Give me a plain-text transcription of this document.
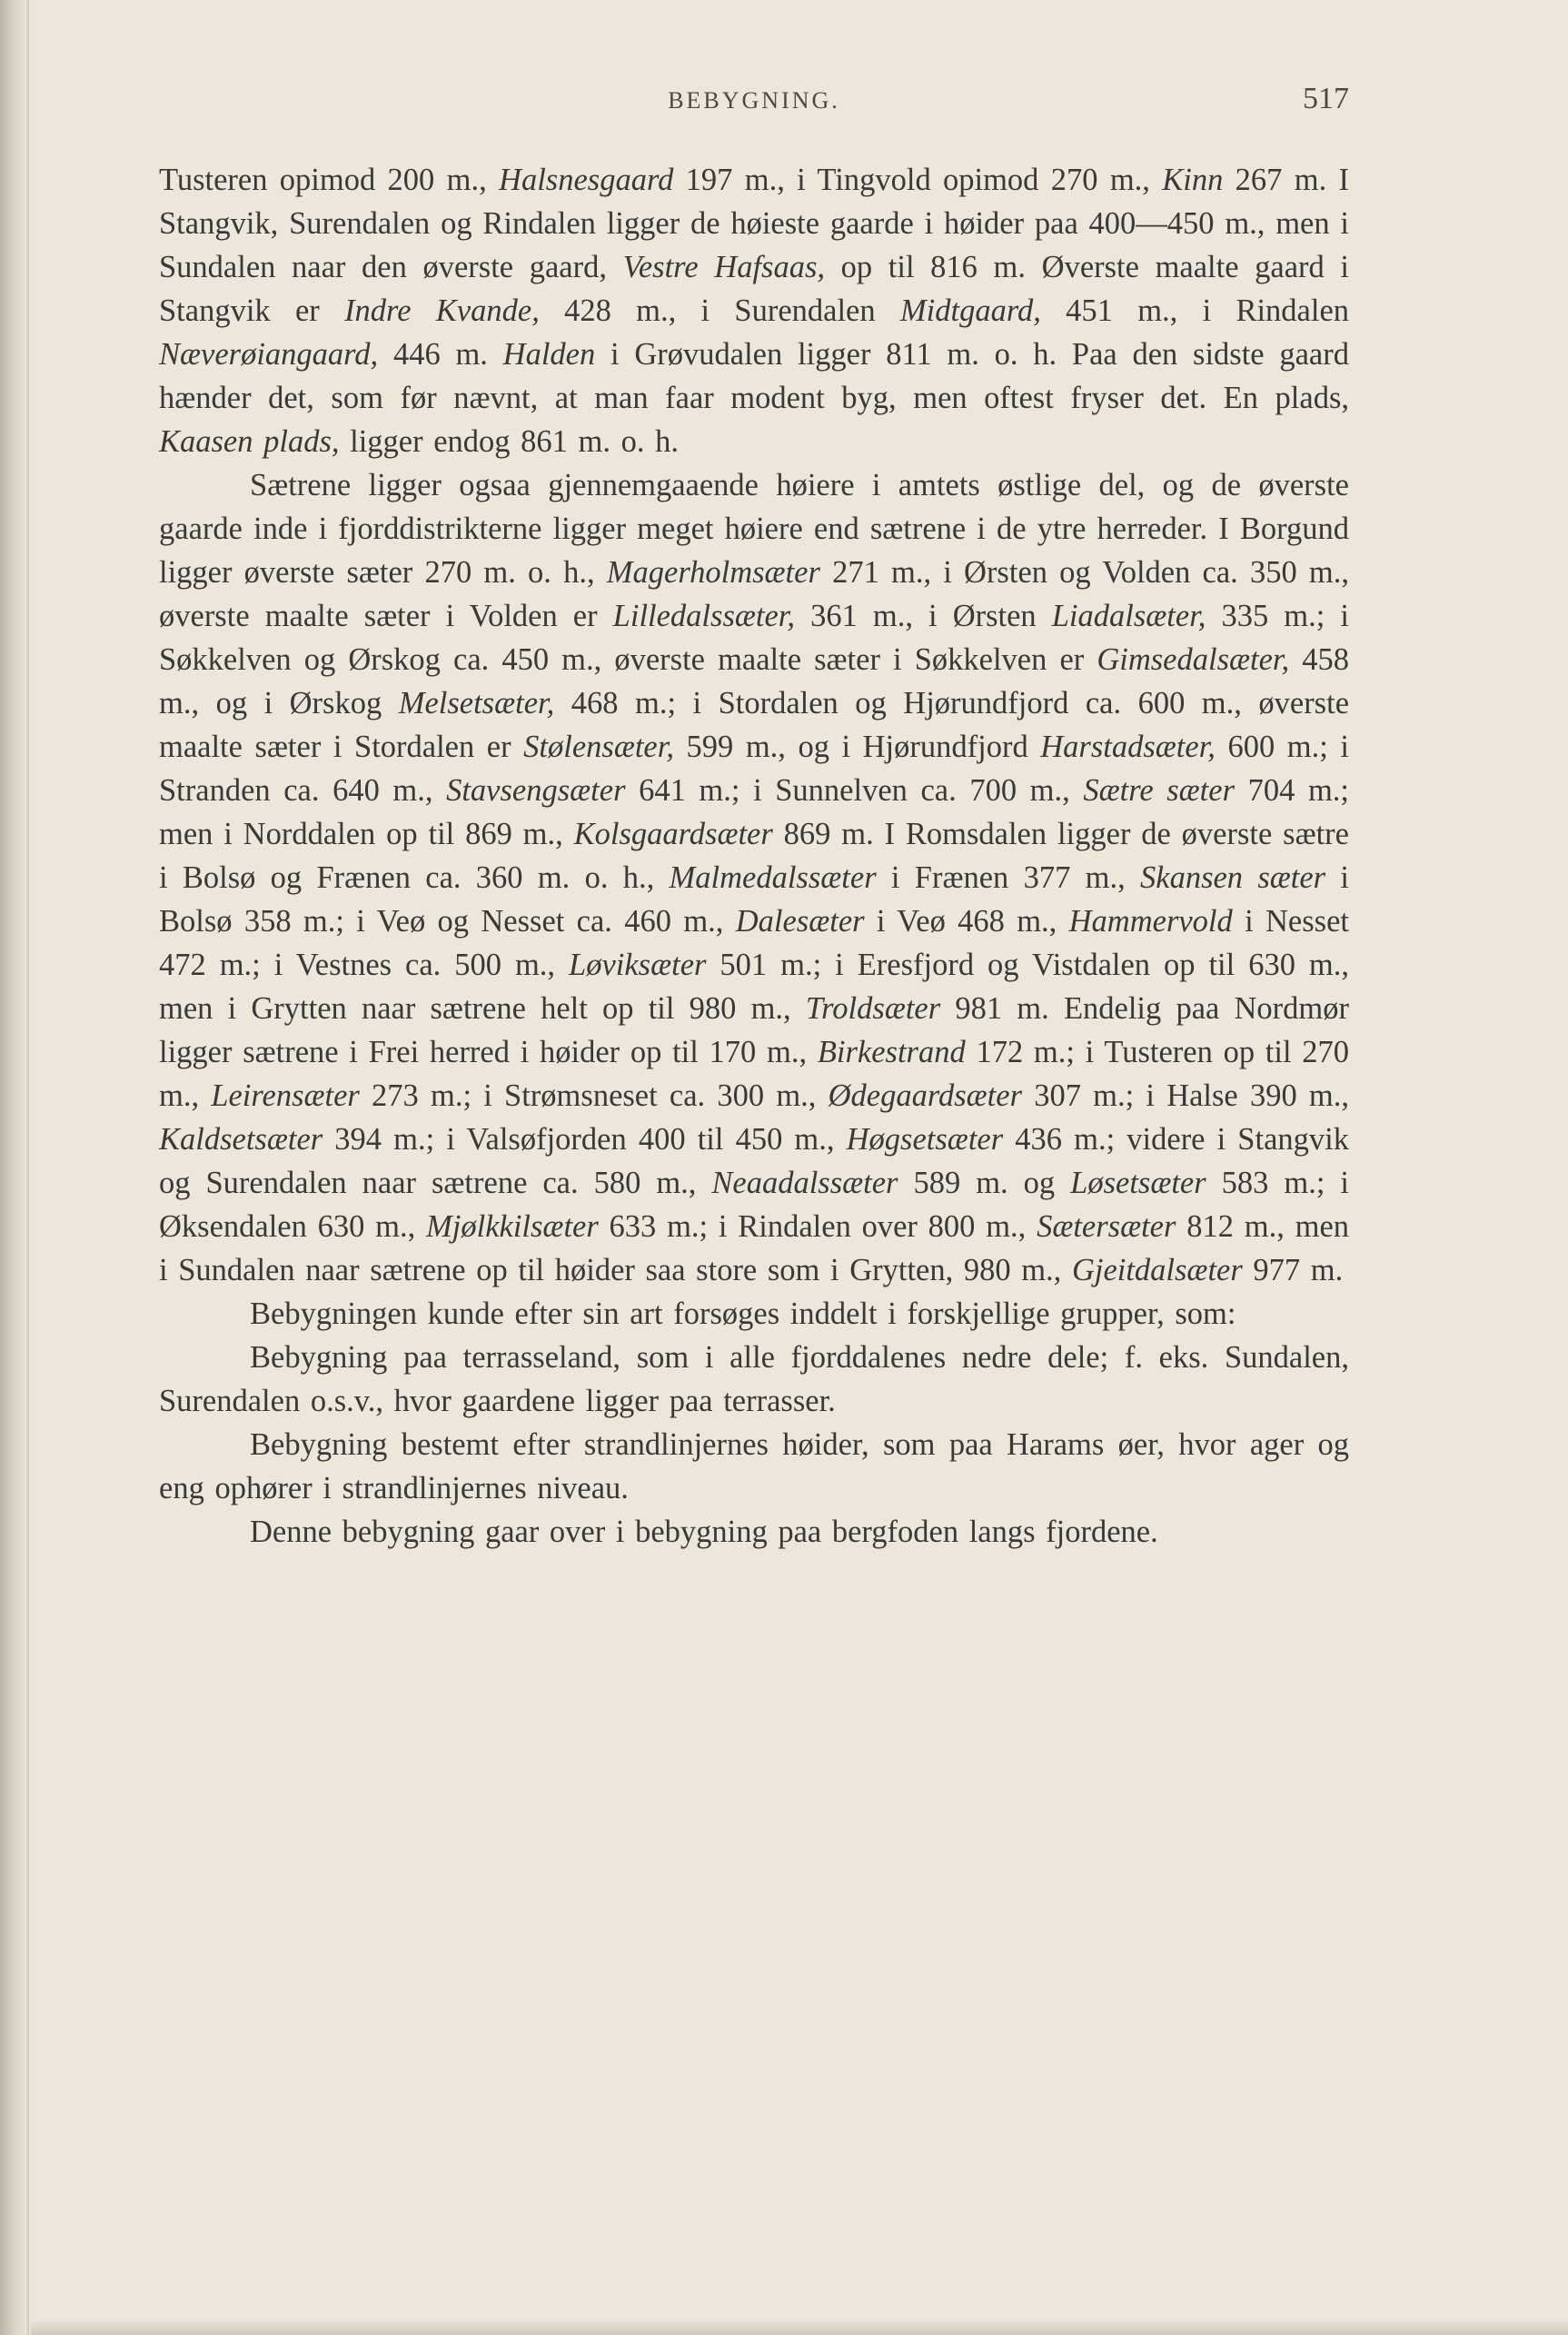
BEBYGNING.	517

Tusteren opimod 200 m., Halsnesgaard 197 m., i Tingvold opimod 270 m., Kinn 267 m. I Stangvik, Surendalen og Rindalen ligger de høieste gaarde i høider paa 400—450 m., men i Sundalen naar den øverste gaard, Vestre Hafsaas, op til 816 m. Øverste maalte gaard i Stangvik er Indre Kvande, 428 m., i Surendalen Midtgaard, 451 m., i Rindalen Næverøiangaard, 446 m. Halden i Grøvudalen ligger 811 m. o. h. Paa den sidste gaard hænder det, som før nævnt, at man faar modent byg, men oftest fryser det. En plads, Kaasen plads, ligger endog 861 m. o. h.

Sætrene ligger ogsaa gjennemgaaende høiere i amtets østlige del, og de øverste gaarde inde i fjorddistrikterne ligger meget høiere end sætrene i de ytre herreder. I Borgund ligger øverste sæter 270 m. o. h., Magerholmsæter 271 m., i Ørsten og Volden ca. 350 m., øverste maalte sæter i Volden er Lilledalssæter, 361 m., i Ørsten Liadalsæter, 335 m.; i Søkkelven og Ørskog ca. 450 m., øverste maalte sæter i Søkkelven er Gimsedalsæter, 458 m., og i Ørskog Melsetsæter, 468 m.; i Stordalen og Hjørundfjord ca. 600 m., øverste maalte sæter i Stordalen er Stølensæter, 599 m., og i Hjørundfjord Harstadsæter, 600 m.; i Stranden ca. 640 m., Stavsengsæter 641 m.; i Sunnelven ca. 700 m., Sætre sæter 704 m.; men i Norddalen op til 869 m., Kolsgaardsæter 869 m. I Romsdalen ligger de øverste sætre i Bolsø og Frænen ca. 360 m. o. h., Malmedalssæter i Frænen 377 m., Skansen sæter i Bolsø 358 m.; i Veø og Nesset ca. 460 m., Dalesæter i Veø 468 m., Hammervold i Nesset 472 m.; i Vestnes ca. 500 m., Løviksæter 501 m.; i Eresfjord og Vistdalen op til 630 m., men i Grytten naar sætrene helt op til 980 m., Troldsæter 981 m. Endelig paa Nordmør ligger sætrene i Frei herred i høider op til 170 m., Birkestrand 172 m.; i Tusteren op til 270 m., Leirensæter 273 m.; i Strømsneset ca. 300 m., Ødegaardsæter 307 m.; i Halse 390 m., Kaldsetsæter 394 m.; i Valsøfjorden 400 til 450 m., Høgsetsæter 436 m.; videre i Stangvik og Surendalen naar sætrene ca. 580 m., Neaadalssæter 589 m. og Løsetsæter 583 m.; i Øksendalen 630 m., Mjølkkilsæter 633 m.; i Rindalen over 800 m., Sætersæter 812 m., men i Sundalen naar sætrene op til høider saa store som i Grytten, 980 m., Gjeitdalsæter 977 m.

Bebygningen kunde efter sin art forsøges inddelt i forskjellige grupper, som:

Bebygning paa terrasseland, som i alle fjorddalenes nedre dele; f. eks. Sundalen, Surendalen o.s.v., hvor gaardene ligger paa terrasser.

Bebygning bestemt efter strandlinjernes høider, som paa Harams øer, hvor ager og eng ophører i strandlinjernes niveau.

Denne bebygning gaar over i bebygning paa bergfoden langs fjordene.
